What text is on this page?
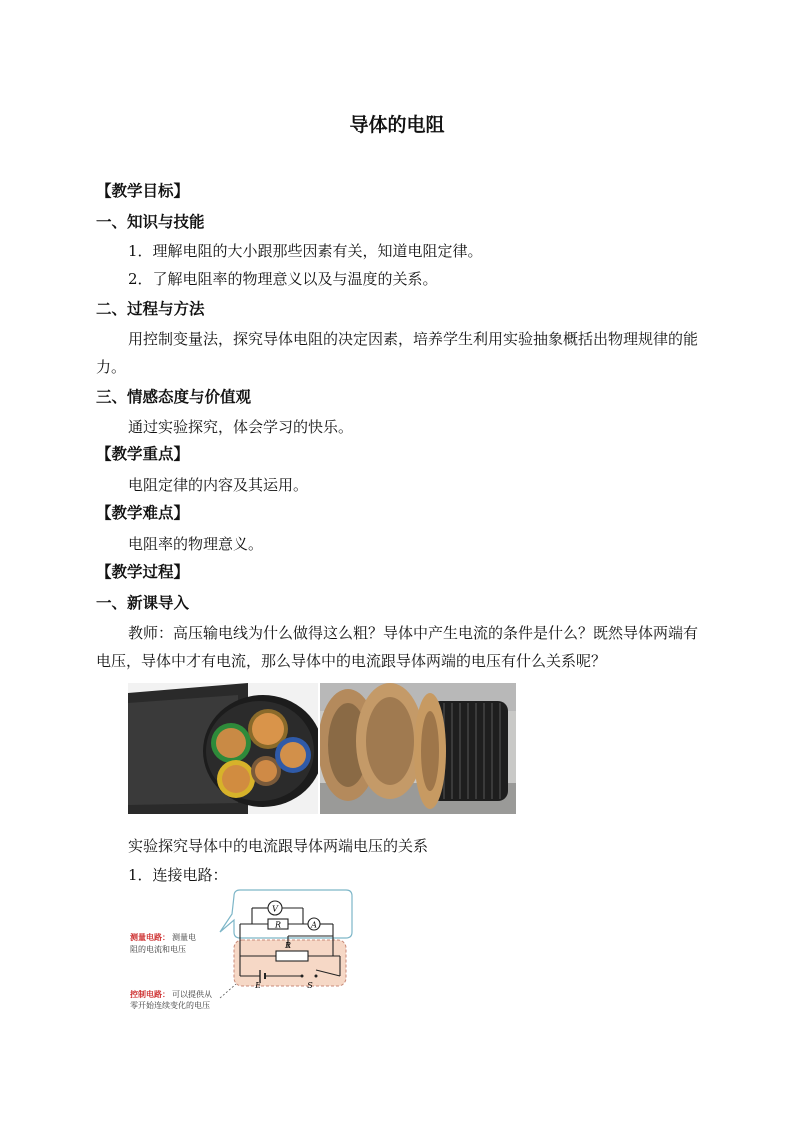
导体的电阻
【教学目标】
一、知识与技能
1．理解电阻的大小跟那些因素有关，知道电阻定律。
2．了解电阻率的物理意义以及与温度的关系。
二、过程与方法
用控制变量法，探究导体电阻的决定因素，培养学生利用实验抽象概括出物理规律的能力。
三、情感态度与价值观
通过实验探究，体会学习的快乐。
【教学重点】
电阻定律的内容及其运用。
【教学难点】
电阻率的物理意义。
【教学过程】
一、新课导入
教师：高压输电线为什么做得这么粗？导体中产生电流的条件是什么？既然导体两端有电压，导体中才有电流，那么导体中的电流跟导体两端的电压有什么关系呢？
实验探究导体中的电流跟导体两端电压的关系
1．连接电路：
V
A
R
R
E	S
测量电路： 测量电
阻的电流和电压
控制电路： 可以提供从
零开始连续变化的电压
